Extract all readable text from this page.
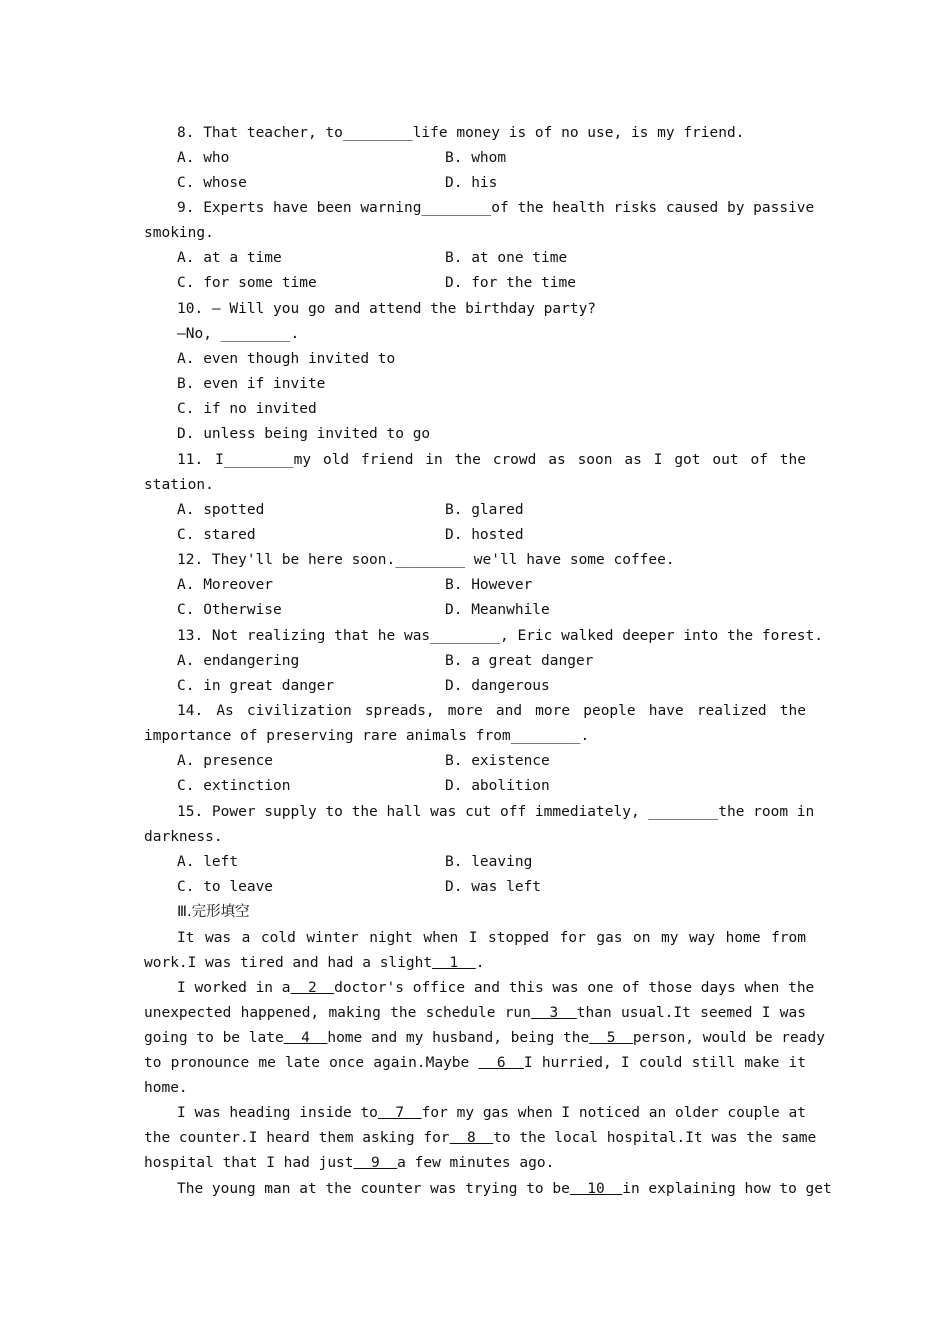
8. That teacher, to________life money is of no use, is my friend.
A. who	B. whom
C. whose	D. his
9. Experts have been warning________of the health risks caused by passive
smoking.
A. at a time	B. at one time
C. for some time	D. for the time
10. — Will you go and attend the birthday party?
—No, ________.
A. even though invited to
B. even if invite
C. if no invited
D. unless being invited to go
11. I________my old friend in the crowd as soon as I got out of the
station.
A. spotted	B. glared
C. stared	D. hosted
12. They'll be here soon.________ we'll have some coffee.
A. Moreover	B. However
C. Otherwise	D. Meanwhile
13. Not realizing that he was________, Eric walked deeper into the forest.
A. endangering	B. a great danger
C. in great danger	D. dangerous
14. As civilization spreads, more and more people have realized the
importance of preserving rare animals from________.
A. presence	B. existence
C. extinction	D. abolition
15. Power supply to the hall was cut off immediately, ________the room in
darkness.
A. left	B. leaving
C. to leave	D. was left
Ⅲ.完形填空
It was a cold winter night when I stopped for gas on my way home from
work.I was tired and had a slight  1  .
I worked in a  2  doctor's office and this was one of those days when the
unexpected happened, making the schedule run  3  than usual.It seemed I was
going to be late  4  home and my husband, being the  5  person, would be ready
to pronounce me late once again.Maybe   6  I hurried, I could still make it
home.
I was heading inside to  7  for my gas when I noticed an older couple at
the counter.I heard them asking for  8  to the local hospital.It was the same
hospital that I had just  9  a few minutes ago.
The young man at the counter was trying to be  10  in explaining how to get
